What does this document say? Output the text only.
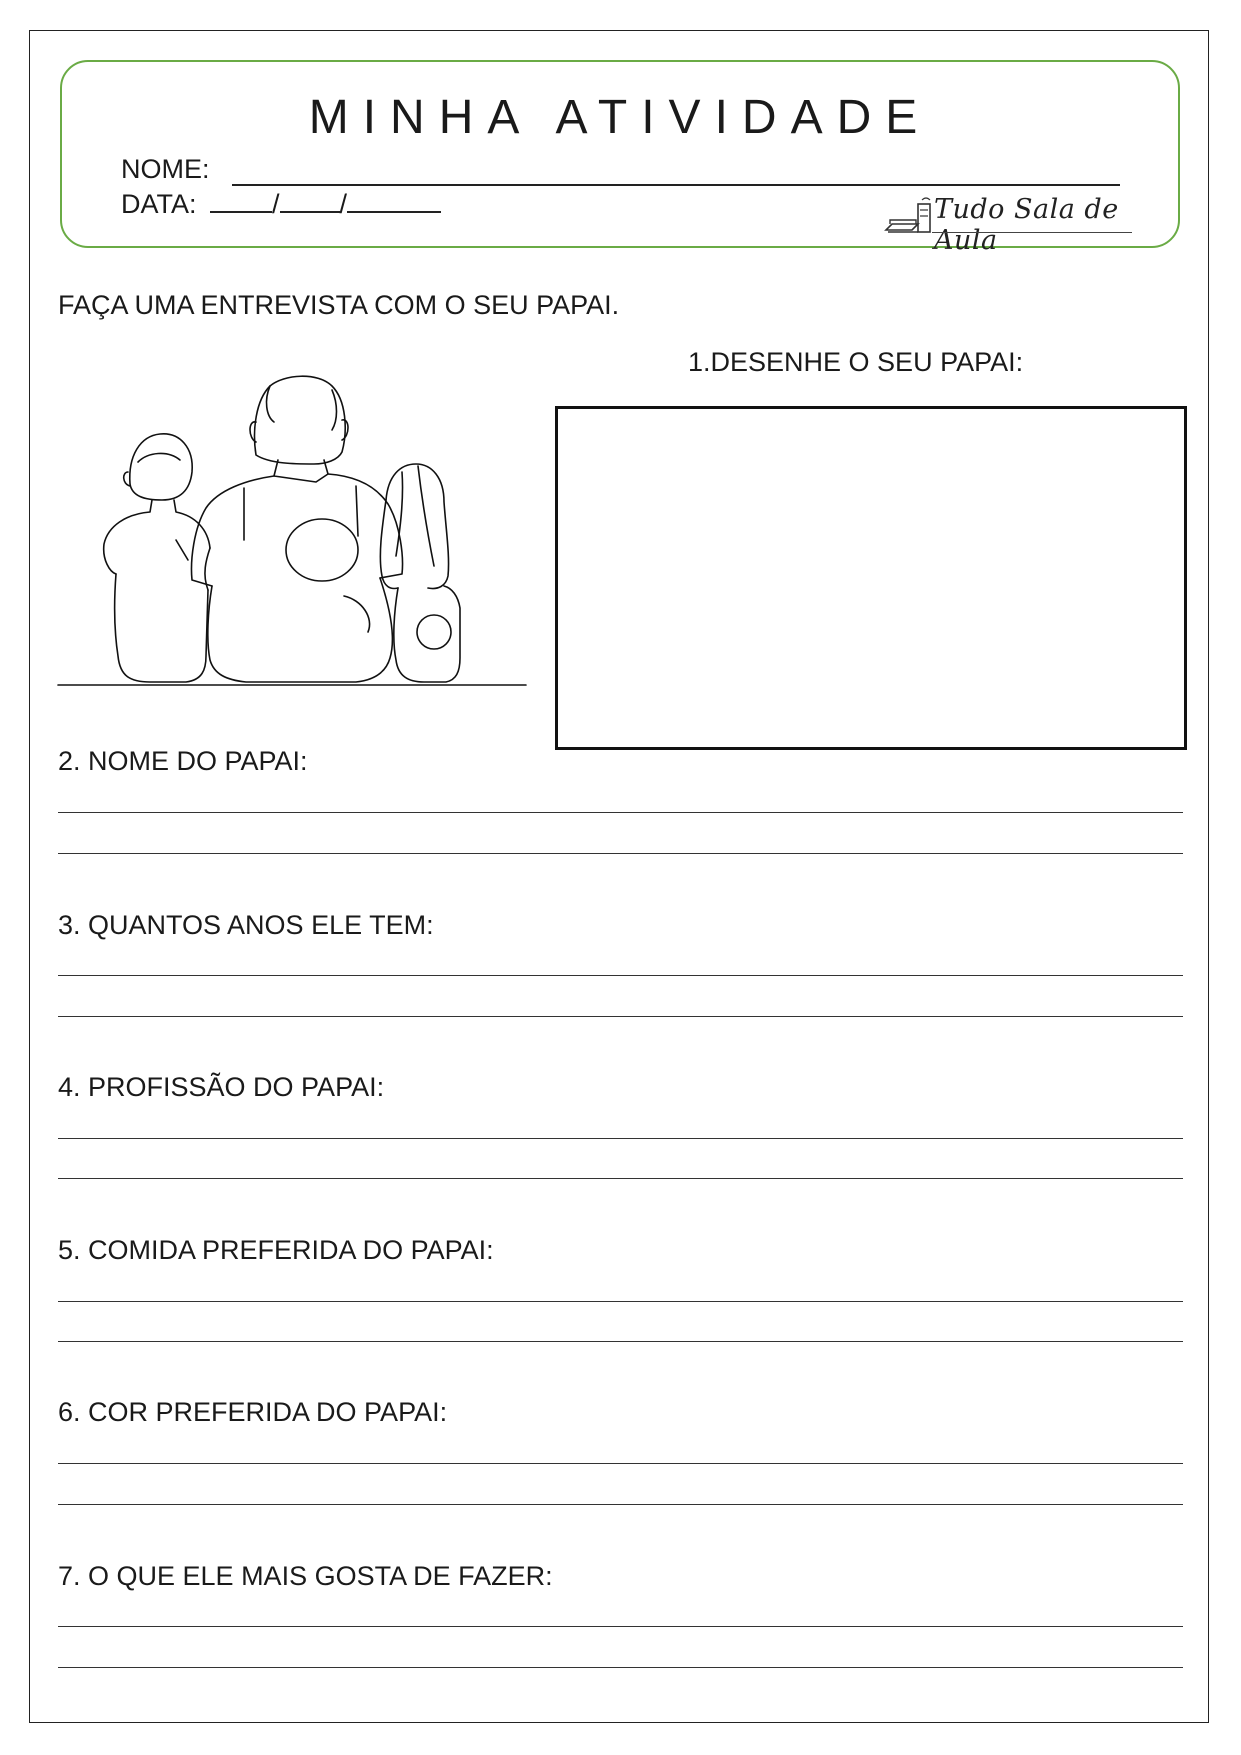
MINHA ATIVIDADE
NOME:
DATA:	/ /	Tudo Sala de Aula
FAÇA UMA ENTREVISTA COM O SEU PAPAI.
1.DESENHE O SEU PAPAI:
2. NOME DO PAPAI:
3. QUANTOS ANOS ELE TEM:
4. PROFISSÃO DO PAPAI:
5. COMIDA PREFERIDA DO PAPAI:
6. COR PREFERIDA DO PAPAI:
7. O QUE ELE MAIS GOSTA DE FAZER:
